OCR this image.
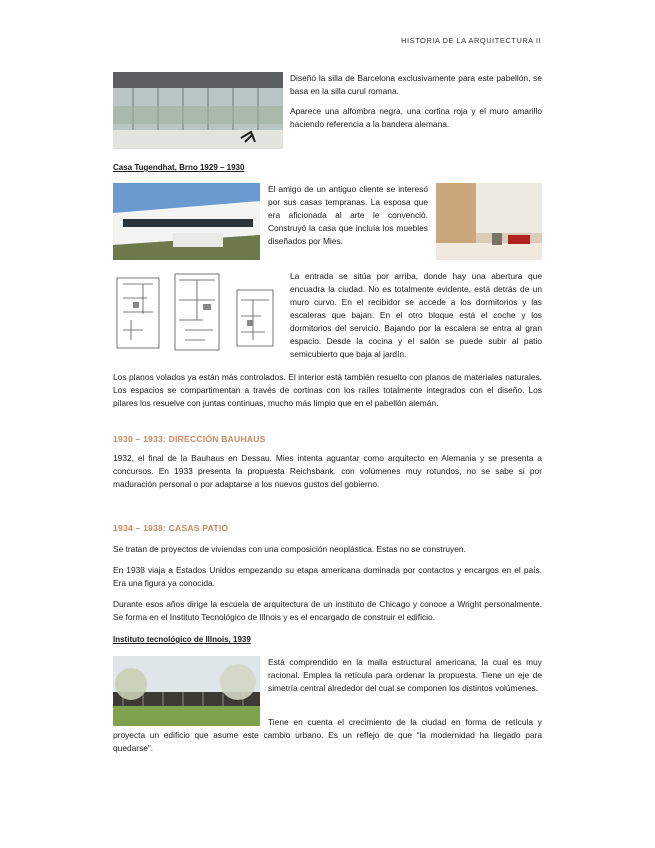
HISTORIA DE LA ARQUITECTURA II

Diseñó la silla de Barcelona exclusivamente para este pabellón, se basa en la silla curul romana.

Aparece una alfombra negra, una cortina roja y el muro amarillo haciendo referencia a la bandera alemana.

Casa Tugendhat, Brno 1929 – 1930

El amigo de un antiguo cliente se interesó por sus casas tempranas. La esposa que era aficionada al arte le convenció. Construyó la casa que incluía los muebles diseñados por Mies.

La entrada se sitúa por arriba, donde hay una abertura que encuadra la ciudad. No es totalmente evidente, está detrás de un muro curvo. En el recibidor se accede a los dormitorios y las escaleras que bajan. En el otro bloque está el coche y los dormitorios del servicio. Bajando por la escalera se entra al gran espacio. Desde la cocina y el salón se puede subir al patio semicubierto que baja al jardín.

Los planos volados ya están más controlados. El interior está también resuelto con planos de materiales naturales. Los espacios se compartimentan a través de cortinas con los raíles totalmente integrados con el diseño. Los pilares los resuelve con juntas continuas, mucho más limpio que en el pabellón alemán.

1930 – 1933: DIRECCIÓN BAUHAUS

1932, el final de la Bauhaus en Dessau. Mies intenta aguantar como arquitecto en Alemania y se presenta a concursos. En 1933 presenta la propuesta Reichsbank. con volúmenes muy rotundos, no se sabe si por maduración personal o por adaptarse a los nuevos gustos del gobierno.

1934 – 1938: CASAS PATIO

Se tratan de proyectos de viviendas con una composición neoplástica. Estas no se construyen.

En 1938 viaja a Estados Unidos empezando su etapa americana dominada por contactos y encargos en el país. Era una figura ya conocida.

Durante esos años dirige la escuela de arquitectura de un instituto de Chicago y conoce a Wright personalmente. Se forma en el Instituto Tecnológico de Illnois y es el encargado de construir el edificio.

Instituto tecnológico de Illnois, 1939

Está comprendido en la malla estructural americana, la cual es muy racional. Emplea la retícula para ordenar la propuesta. Tiene un eje de simetría central alrededor del cual se componen los distintos volúmenes.

Tiene en cuenta el crecimiento de la ciudad en forma de retícula y proyecta un edificio que asume este cambio urbano. Es un reflejo de que “la modernidad ha llegado para quedarse”.
